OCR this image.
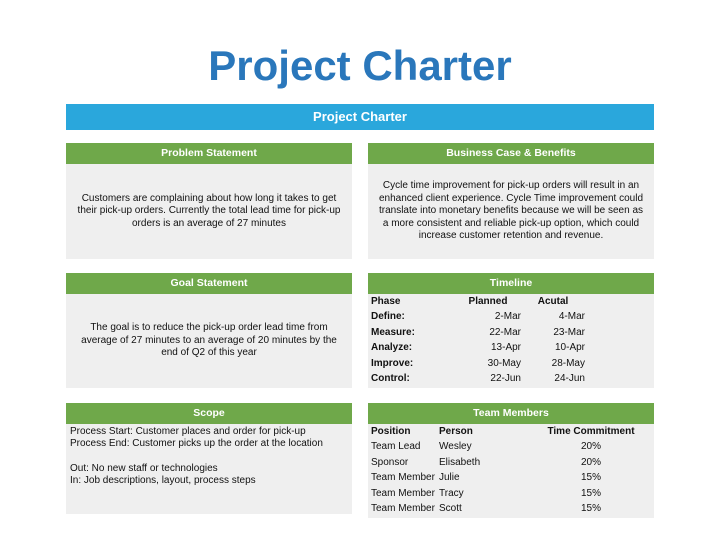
Project Charter
Project Charter
Problem Statement
Customers are complaining about how long it takes to get their pick-up orders. Currently the total lead time for pick-up orders is an average of 27 minutes
Business Case & Benefits
Cycle time improvement for pick-up orders will result in an enhanced client experience. Cycle Time improvement could translate into monetary benefits because we will be seen as a more consistent and reliable pick-up option, which could increase customer retention and revenue.
Goal Statement
The goal is to reduce the pick-up order lead time from average of 27 minutes to an average of 20 minutes by the end of Q2 of this year
Timeline
Phase	Planned	Acutal	
Define:	2-Mar	4-Mar	
Measure:	22-Mar	23-Mar	
Analyze:	13-Apr	10-Apr	
Improve:	30-May	28-May	
Control:	22-Jun	24-Jun	
Scope
Process Start: Customer places and order for pick-up
Process End: Customer picks up the order at the location
Out: No new staff or technologies
In: Job descriptions, layout, process steps
Team Members
Position	Person	Time Commitment
Team Lead	Wesley	20%
Sponsor	Elisabeth	20%
Team Member	Julie	15%
Team Member	Tracy	15%
Team Member	Scott	15%
